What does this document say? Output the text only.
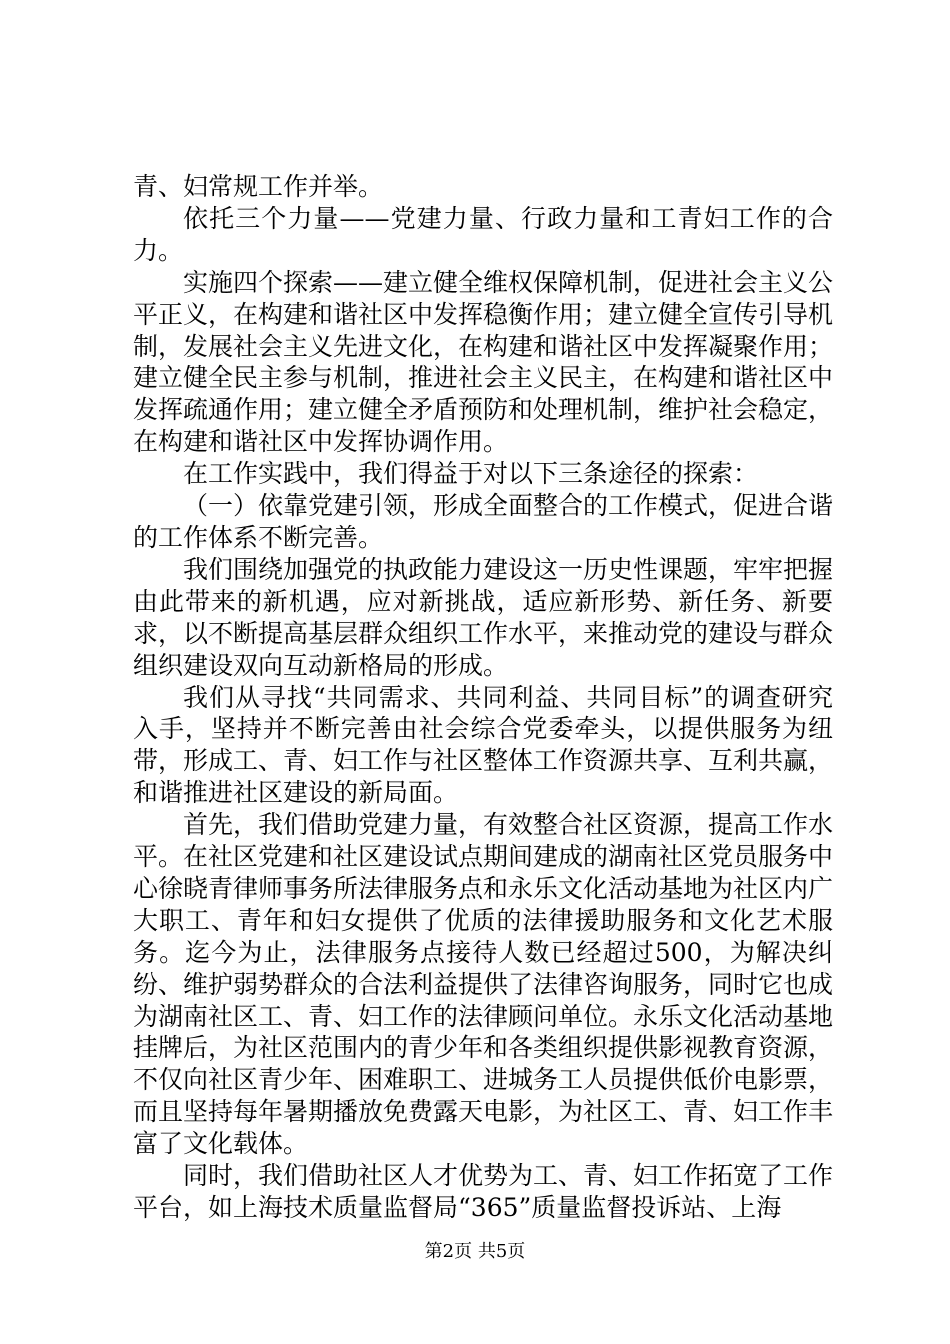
青、妇常规工作并举。

依托三个力量——党建力量、行政力量和工青妇工作的合力。

实施四个探索——建立健全维权保障机制，促进社会主义公平正义，在构建和谐社区中发挥稳衡作用；建立健全宣传引导机制，发展社会主义先进文化，在构建和谐社区中发挥凝聚作用；建立健全民主参与机制，推进社会主义民主，在构建和谐社区中发挥疏通作用；建立健全矛盾预防和处理机制，维护社会稳定，在构建和谐社区中发挥协调作用。

在工作实践中，我们得益于对以下三条途径的探索：

（一）依靠党建引领，形成全面整合的工作模式，促进合谐的工作体系不断完善。

我们围绕加强党的执政能力建设这一历史性课题，牢牢把握由此带来的新机遇，应对新挑战，适应新形势、新任务、新要求，以不断提高基层群众组织工作水平，来推动党的建设与群众组织建设双向互动新格局的形成。

我们从寻找“共同需求、共同利益、共同目标”的调查研究入手，坚持并不断完善由社会综合党委牵头，以提供服务为纽带，形成工、青、妇工作与社区整体工作资源共享、互利共赢，和谐推进社区建设的新局面。

首先，我们借助党建力量，有效整合社区资源，提高工作水平。在社区党建和社区建设试点期间建成的湖南社区党员服务中心徐晓青律师事务所法律服务点和永乐文化活动基地为社区内广大职工、青年和妇女提供了优质的法律援助服务和文化艺术服务。迄今为止，法律服务点接待人数已经超过500，为解决纠纷、维护弱势群众的合法利益提供了法律咨询服务，同时它也成为湖南社区工、青、妇工作的法律顾问单位。永乐文化活动基地挂牌后，为社区范围内的青少年和各类组织提供影视教育资源，不仅向社区青少年、困难职工、进城务工人员提供低价电影票，而且坚持每年暑期播放免费露天电影，为社区工、青、妇工作丰富了文化载体。

同时，我们借助社区人才优势为工、青、妇工作拓宽了工作平台，如上海技术质量监督局“365”质量监督投诉站、上海

第2页 共5页
